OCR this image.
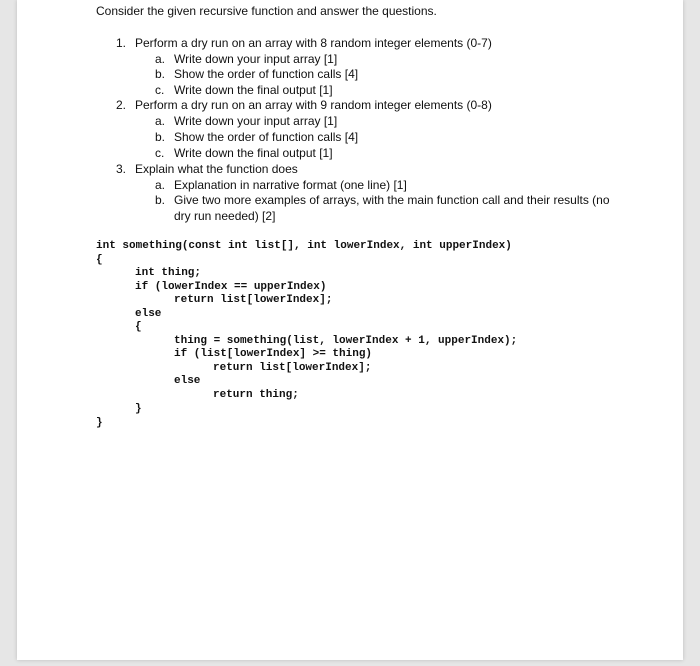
Consider the given recursive function and answer the questions.
1. Perform a dry run on an array with 8 random integer elements (0-7)
a. Write down your input array [1]
b. Show the order of function calls [4]
c. Write down the final output [1]
2. Perform a dry run on an array with 9 random integer elements (0-8)
a. Write down your input array [1]
b. Show the order of function calls [4]
c. Write down the final output [1]
3. Explain what the function does
a. Explanation in narrative format (one line) [1]
b. Give two more examples of arrays, with the main function call and their results (no
dry run needed) [2]
int something(const int list[], int lowerIndex, int upperIndex)
{
int thing;
if (lowerIndex == upperIndex)
return list[lowerIndex];
else
{
thing = something(list, lowerIndex + 1, upperIndex);
if (list[lowerIndex] >= thing)
return list[lowerIndex];
else
return thing;
}
}
